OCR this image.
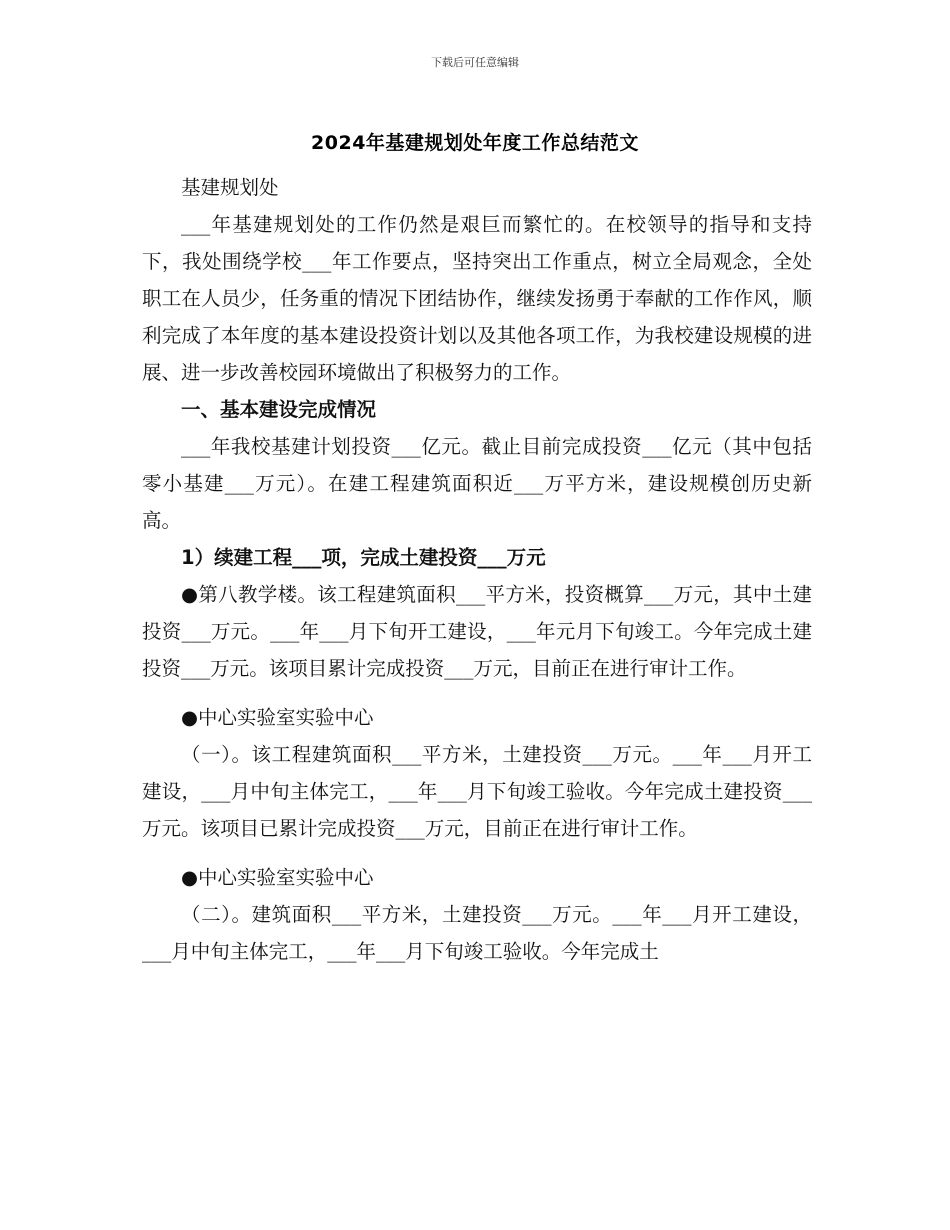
下载后可任意编辑
2024年基建规划处年度工作总结范文

基建规划处

___年基建规划处的工作仍然是艰巨而繁忙的。在校领导的指导和支持下，我处围绕学校___年工作要点，坚持突出工作重点，树立全局观念，全处职工在人员少，任务重的情况下团结协作，继续发扬勇于奉献的工作作风，顺利完成了本年度的基本建设投资计划以及其他各项工作，为我校建设规模的进展、进一步改善校园环境做出了积极努力的工作。

一、基本建设完成情况

___年我校基建计划投资___亿元。截止目前完成投资___亿元（其中包括零小基建___万元）。在建工程建筑面积近___万平方米，建设规模创历史新高。

1）续建工程___项，完成土建投资___万元

●第八教学楼。该工程建筑面积___平方米，投资概算___万元，其中土建投资___万元。___年___月下旬开工建设，___年元月下旬竣工。今年完成土建投资___万元。该项目累计完成投资___万元，目前正在进行审计工作。

●中心实验室实验中心

（一）。该工程建筑面积___平方米，土建投资___万元。___年___月开工建设，___月中旬主体完工，___年___月下旬竣工验收。今年完成土建投资___万元。该项目已累计完成投资___万元，目前正在进行审计工作。

●中心实验室实验中心

（二）。建筑面积___平方米，土建投资___万元。___年___月开工建设，___月中旬主体完工，___年___月下旬竣工验收。今年完成土
